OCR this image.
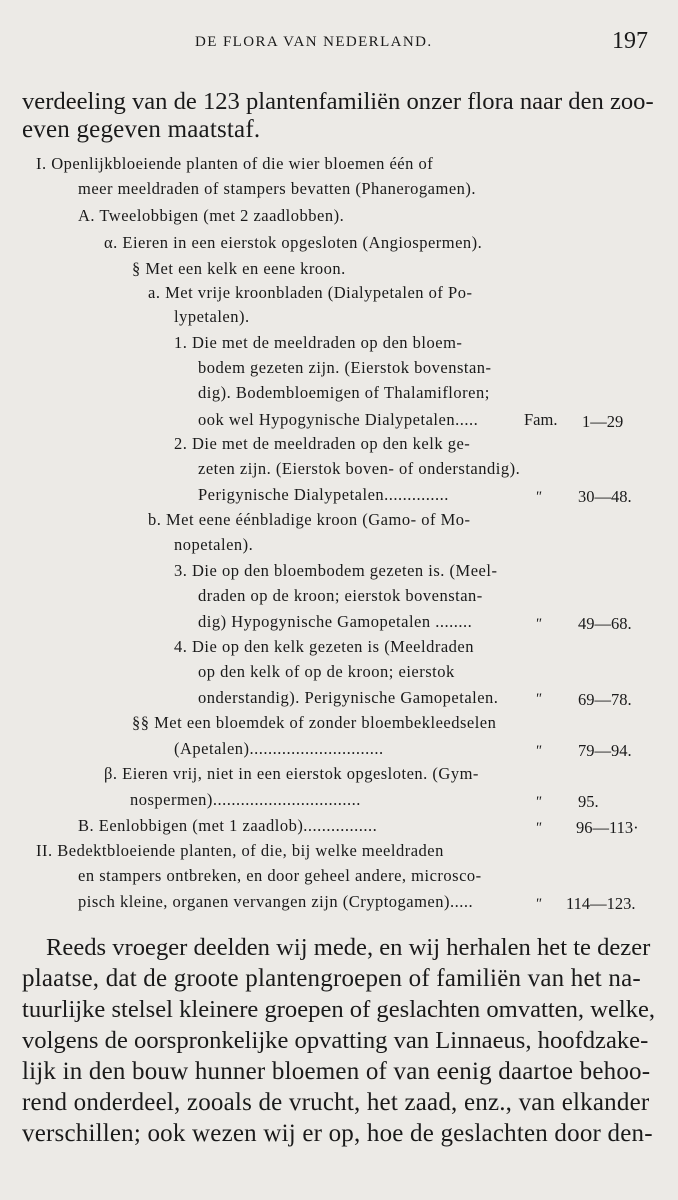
DE FLORA VAN NEDERLAND.	197
verdeeling van de 123 plantenfamiliën onzer flora naar den zoo-
even gegeven maatstaf.
I. Openlijkbloeiende planten of die wier bloemen één of
meer meeldraden of stampers bevatten (Phanerogamen).
A. Tweelobbigen (met 2 zaadlobben).
α. Eieren in een eierstok opgesloten (Angiospermen).
§ Met een kelk en eene kroon.
a. Met vrije kroonbladen (Dialypetalen of Po-
lypetalen).
1. Die met de meeldraden op den bloem-
bodem gezeten zijn. (Eierstok bovenstan-
dig). Bodembloemigen of Thalamifloren;
ook wel Hypogynische Dialypetalen.....
2. Die met de meeldraden op den kelk ge-
zeten zijn. (Eierstok boven- of onderstandig).
Perigynische Dialypetalen..............
b. Met eene éénbladige kroon (Gamo- of Mo-
nopetalen).
3. Die op den bloembodem gezeten is. (Meel-
draden op de kroon; eierstok bovenstan-
dig) Hypogynische Gamopetalen ........
4. Die op den kelk gezeten is (Meeldraden
op den kelk of op de kroon; eierstok
onderstandig). Perigynische Gamopetalen.
§§ Met een bloemdek of zonder bloembekleedselen
(Apetalen).............................
β. Eieren vrij, niet in een eierstok opgesloten. (Gym-
nospermen)................................
B. Eenlobbigen (met 1 zaadlob)................
II. Bedektbloeiende planten, of die, bij welke meeldraden
en stampers ontbreken, en door geheel andere, microsco-
pisch kleine, organen vervangen zijn (Cryptogamen).....
Fam. 1—29
" 30—48.
" 49—68.
" 69—78.
" 79—94.
" 95.
" 96—113·
" 114—123.
Reeds vroeger deelden wij mede, en wij herhalen het te dezer
plaatse, dat de groote plantengroepen of familiën van het na-
tuurlijke stelsel kleinere groepen of geslachten omvatten, welke,
volgens de oorspronkelijke opvatting van Linnaeus, hoofdzake-
lijk in den bouw hunner bloemen of van eenig daartoe behoo-
rend onderdeel, zooals de vrucht, het zaad, enz., van elkander
verschillen; ook wezen wij er op, hoe de geslachten door den-
